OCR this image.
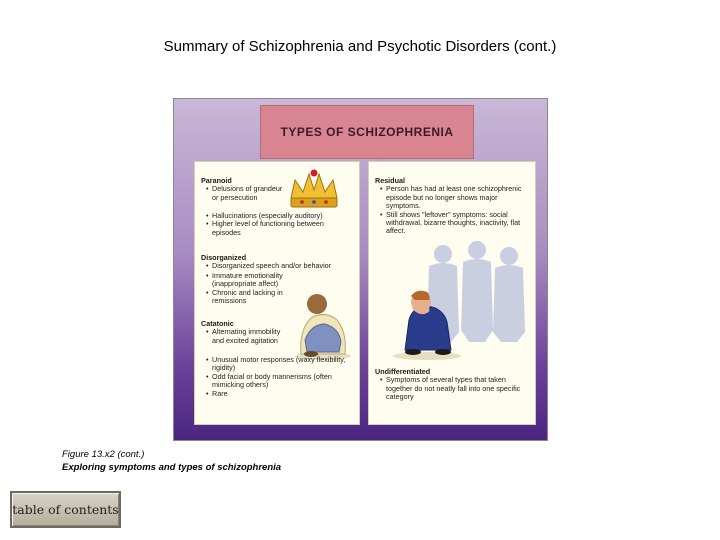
Summary of Schizophrenia and Psychotic Disorders (cont.)
TYPES OF SCHIZOPHRENIA
Paranoid
• Delusions of grandeur or persecution
• Hallucinations (especially auditory)
• Higher level of functioning between episodes
Disorganized
• Disorganized speech and/or behavior
• Immature emotionality (inappropriate affect)
• Chronic and lacking in remissions
Catatonic
• Alternating immobility and excited agitation
• Unusual motor responses (waxy flexibility, rigidity)
• Odd facial or body mannerisms (often mimicking others)
• Rare
Residual
• Person has had at least one schizophrenic episode but no longer shows major symptoms.
• Still shows "leftover" symptoms: social withdrawal, bizarre thoughts, inactivity, flat affect.
Undifferentiated
• Symptoms of several types that taken together do not neatly fall into one specific category
Figure 13.x2 (cont.)
Exploring symptoms and types of schizophrenia
table of contents
